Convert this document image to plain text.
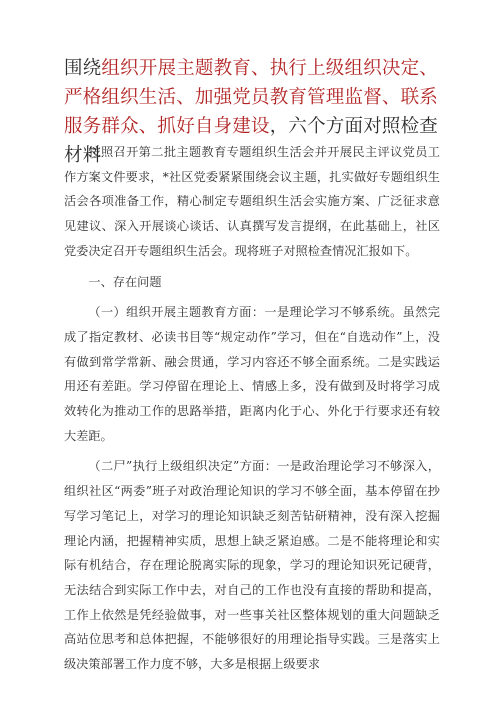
围绕组织开展主题教育、执行上级组织决定、严格组织生活、加强党员教育管理监督、联系服务群众、抓好自身建设，六个方面对照检查材料

按照召开第二批主题教育专题组织生活会并开展民主评议党员工作方案文件要求，*社区党委紧紧围绕会议主题，扎实做好专题组织生活会各项准备工作，精心制定专题组织生活会实施方案、广泛征求意见建议、深入开展谈心谈话、认真撰写发言提纲，在此基础上，社区党委决定召开专题组织生活会。现将班子对照检查情况汇报如下。

一、存在问题

（一）组织开展主题教育方面：一是理论学习不够系统。虽然完成了指定教材、必读书目等“规定动作”学习，但在“自选动作”上，没有做到常学常新、融会贯通，学习内容还不够全面系统。二是实践运用还有差距。学习停留在理论上、情感上多，没有做到及时将学习成效转化为推动工作的思路举措，距离内化于心、外化于行要求还有较大差距。

（二尸”执行上级组织决定”方面：一是政治理论学习不够深入，组织社区“两委”班子对政治理论知识的学习不够全面，基本停留在抄写学习笔记上，对学习的理论知识缺乏刻苦钻研精神，没有深入挖掘理论内涵，把握精神实质，思想上缺乏紧迫感。二是不能将理论和实际有机结合，存在理论脱离实际的现象，学习的理论知识死记硬背，无法结合到实际工作中去，对自己的工作也没有直接的帮助和提高，工作上依然是凭经验做事，对一些事关社区整体规划的重大问题缺乏高站位思考和总体把握，不能够很好的用理论指导实践。三是落实上级决策部署工作力度不够，大多是根据上级要求
